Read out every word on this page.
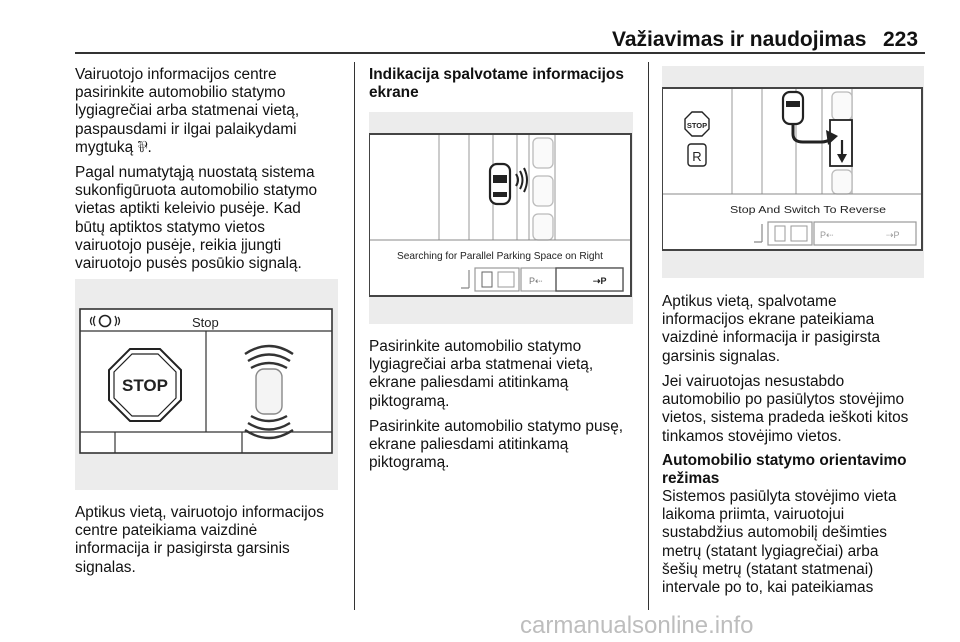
Važiavimas ir naudojimas 223

Vairuotojo informacijos centre
pasirinkite automobilio statymo
lygiagrečiai arba statmenai vietą,
paspausdami ir ilgai palaikydami
mygtuką ⅌.

Pagal numatytąją nuostatą sistema
sukonfigūruota automobilio statymo
vietas aptikti keleivio pusėje. Kad
būtų aptiktos statymo vietos
vairuotojo pusėje, reikia įjungti
vairuotojo pusės posūkio signalą.

Stop
STOP

Aptikus vietą, vairuotojo informacijos
centre pateikiama vaizdinė
informacija ir pasigirsta garsinis
signalas.

Indikacija spalvotame informacijos
ekrane

Searching for Parallel Parking Space on Right
P⇠	⇢P

Pasirinkite automobilio statymo
lygiagrečiai arba statmenai vietą,
ekrane paliesdami atitinkamą
piktogramą.

Pasirinkite automobilio statymo pusę,
ekrane paliesdami atitinkamą
piktogramą.

STOP
R
Stop And Switch To Reverse
P⇠	⇢P

Aptikus vietą, spalvotame
informacijos ekrane pateikiama
vaizdinė informacija ir pasigirsta
garsinis signalas.

Jei vairuotojas nesustabdo
automobilio po pasiūlytos stovėjimo
vietos, sistema pradeda ieškoti kitos
tinkamos stovėjimo vietos.

Automobilio statymo orientavimo
režimas

Sistemos pasiūlyta stovėjimo vieta
laikoma priimta, vairuotojui
sustabdžius automobilį dešimties
metrų (statant lygiagrečiai) arba
šešių metrų (statant statmenai)
intervale po to, kai pateikiamas

carmanualsonline.info
